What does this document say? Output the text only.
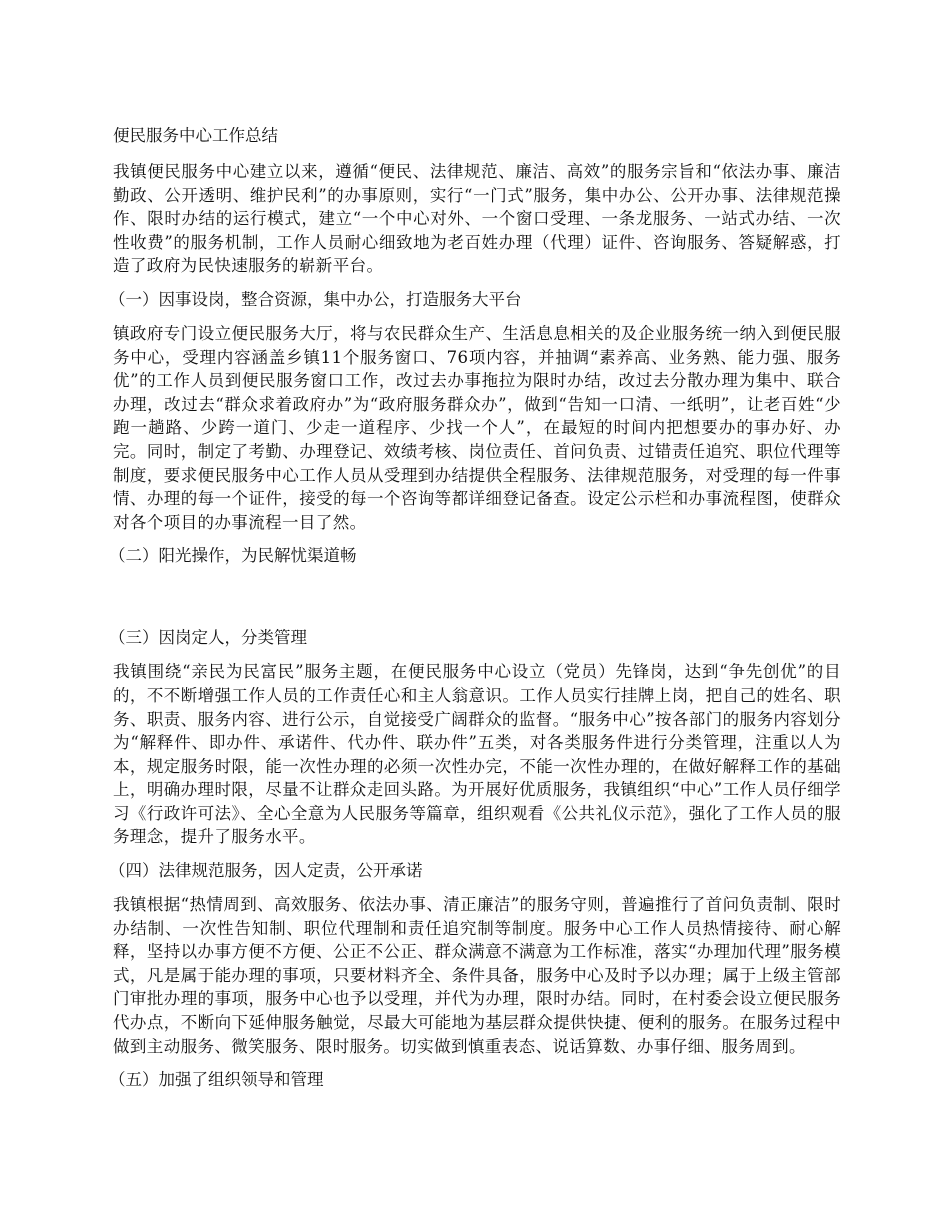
便民服务中心工作总结
我镇便民服务中心建立以来，遵循“便民、法律规范、廉洁、高效”的服务宗旨和“依法办事、廉洁勤政、公开透明、维护民利”的办事原则，实行“一门式”服务，集中办公、公开办事、法律规范操作、限时办结的运行模式，建立“一个中心对外、一个窗口受理、一条龙服务、一站式办结、一次性收费”的服务机制，工作人员耐心细致地为老百姓办理（代理）证件、咨询服务、答疑解惑，打造了政府为民快速服务的崭新平台。
（一）因事设岗，整合资源，集中办公，打造服务大平台
镇政府专门设立便民服务大厅，将与农民群众生产、生活息息相关的及企业服务统一纳入到便民服务中心，受理内容涵盖乡镇11个服务窗口、76项内容，并抽调“素养高、业务熟、能力强、服务优”的工作人员到便民服务窗口工作，改过去办事拖拉为限时办结，改过去分散办理为集中、联合办理，改过去“群众求着政府办”为“政府服务群众办”，做到“告知一口清、一纸明”，让老百姓“少跑一趟路、少跨一道门、少走一道程序、少找一个人”，在最短的时间内把想要办的事办好、办完。同时，制定了考勤、办理登记、效绩考核、岗位责任、首问负责、过错责任追究、职位代理等制度，要求便民服务中心工作人员从受理到办结提供全程服务、法律规范服务，对受理的每一件事情、办理的每一个证件，接受的每一个咨询等都详细登记备查。设定公示栏和办事流程图，使群众对各个项目的办事流程一目了然。
（二）阳光操作，为民解忧渠道畅
（三）因岗定人，分类管理
我镇围绕“亲民为民富民”服务主题，在便民服务中心设立（党员）先锋岗，达到“争先创优”的目的，不不断增强工作人员的工作责任心和主人翁意识。工作人员实行挂牌上岗，把自己的姓名、职务、职责、服务内容、进行公示，自觉接受广阔群众的监督。“服务中心”按各部门的服务内容划分为“解释件、即办件、承诺件、代办件、联办件”五类，对各类服务件进行分类管理，注重以人为本，规定服务时限，能一次性办理的必须一次性办完，不能一次性办理的，在做好解释工作的基础上，明确办理时限，尽量不让群众走回头路。为开展好优质服务，我镇组织“中心”工作人员仔细学习《行政许可法》、全心全意为人民服务等篇章，组织观看《公共礼仪示范》，强化了工作人员的服务理念，提升了服务水平。
（四）法律规范服务，因人定责，公开承诺
我镇根据“热情周到、高效服务、依法办事、清正廉洁”的服务守则，普遍推行了首问负责制、限时办结制、一次性告知制、职位代理制和责任追究制等制度。服务中心工作人员热情接待、耐心解释，坚持以办事方便不方便、公正不公正、群众满意不满意为工作标准，落实“办理加代理”服务模式，凡是属于能办理的事项，只要材料齐全、条件具备，服务中心及时予以办理；属于上级主管部门审批办理的事项，服务中心也予以受理，并代为办理，限时办结。同时，在村委会设立便民服务代办点，不断向下延伸服务触觉，尽最大可能地为基层群众提供快捷、便利的服务。在服务过程中做到主动服务、微笑服务、限时服务。切实做到慎重表态、说话算数、办事仔细、服务周到。
（五）加强了组织领导和管理
